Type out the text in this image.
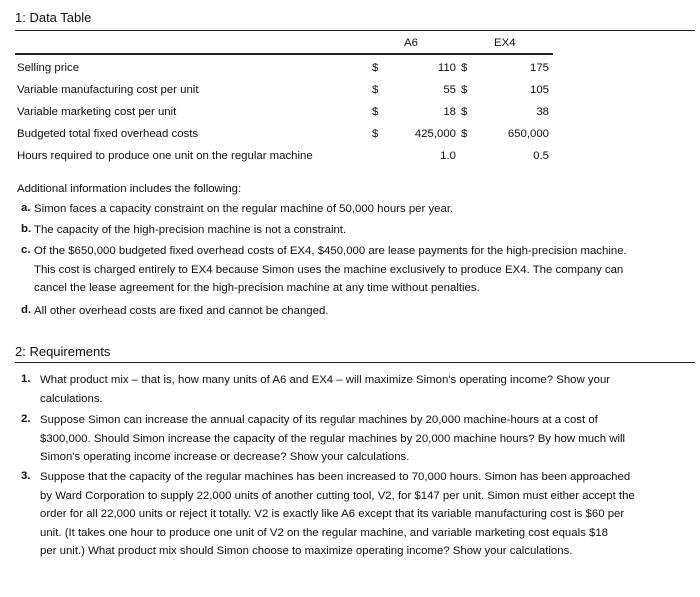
1: Data Table
A6	EX4
Selling price	$	110 $	175
Variable manufacturing cost per unit	$	55 $	105
Variable marketing cost per unit	$	18 $	38
Budgeted total fixed overhead costs	$	425,000 $	650,000
Hours required to produce one unit on the regular machine	1.0	0.5
Additional information includes the following:
a. Simon faces a capacity constraint on the regular machine of 50,000 hours per year.
b. The capacity of the high-precision machine is not a constraint.
c. Of the $650,000 budgeted fixed overhead costs of EX4, $450,000 are lease payments for the high-precision machine.
This cost is charged entirely to EX4 because Simon uses the machine exclusively to produce EX4. The company can
cancel the lease agreement for the high-precision machine at any time without penalties.
d. All other overhead costs are fixed and cannot be changed.
2: Requirements
1. What product mix – that is, how many units of A6 and EX4 – will maximize Simon's operating income? Show your
calculations.
2. Suppose Simon can increase the annual capacity of its regular machines by 20,000 machine-hours at a cost of
$300,000. Should Simon increase the capacity of the regular machines by 20,000 machine hours? By how much will
Simon's operating income increase or decrease? Show your calculations.
3. Suppose that the capacity of the regular machines has been increased to 70,000 hours. Simon has been approached
by Ward Corporation to supply 22,000 units of another cutting tool, V2, for $147 per unit. Simon must either accept the
order for all 22,000 units or reject it totally. V2 is exactly like A6 except that its variable manufacturing cost is $60 per
unit. (It takes one hour to produce one unit of V2 on the regular machine, and variable marketing cost equals $18
per unit.) What product mix should Simon choose to maximize operating income? Show your calculations.
